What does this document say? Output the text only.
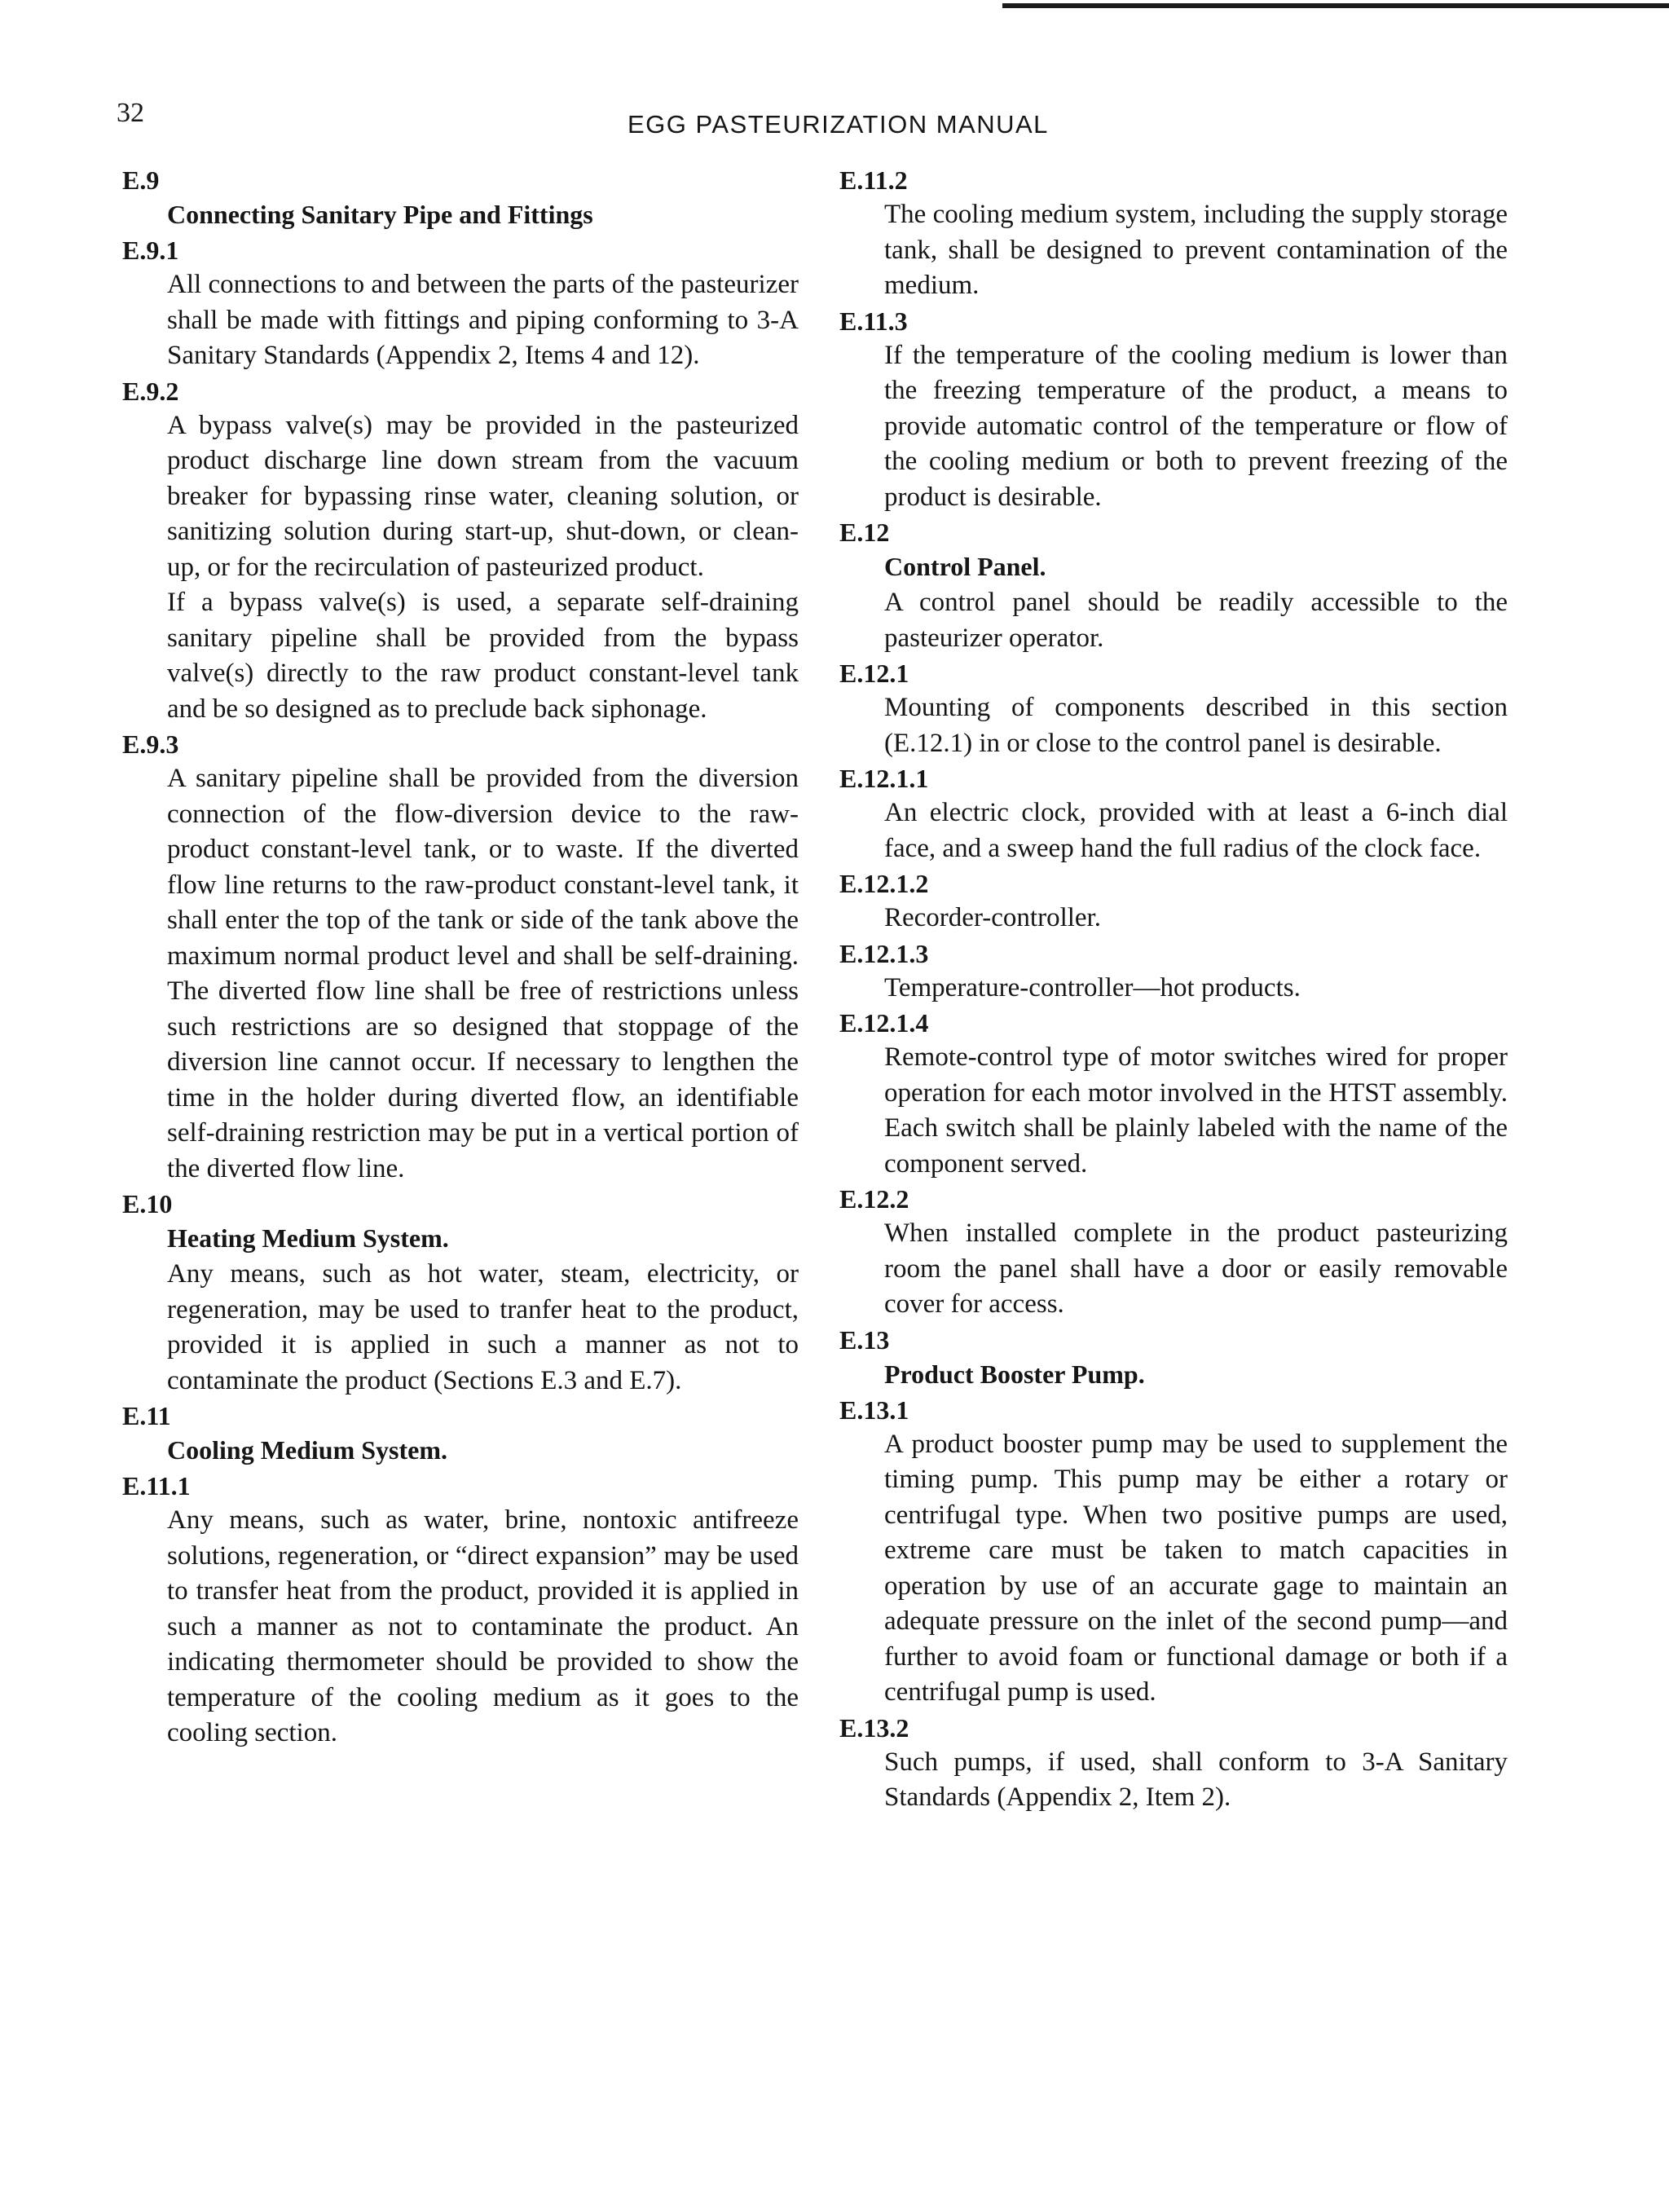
32	EGG PASTEURIZATION MANUAL
E.9
Connecting Sanitary Pipe and Fittings
E.9.1

All connections to and between the parts of the pasteurizer shall be made with fittings and piping conforming to 3-A Sanitary Standards (Appendix 2, Items 4 and 12).

E.9.2

A bypass valve(s) may be provided in the pasteurized product discharge line down stream from the vacuum breaker for bypassing rinse water, cleaning solution, or sanitizing solution during start-up, shut-down, or clean-up, or for the recirculation of pasteurized product.

If a bypass valve(s) is used, a separate self-draining sanitary pipeline shall be provided from the bypass valve(s) directly to the raw product constant-level tank and be so designed as to preclude back siphonage.

E.9.3

A sanitary pipeline shall be provided from the diversion connection of the flow-diversion device to the raw-product constant-level tank, or to waste. If the diverted flow line returns to the raw-product constant-level tank, it shall enter the top of the tank or side of the tank above the maximum normal product level and shall be self-draining. The diverted flow line shall be free of restrictions unless such restrictions are so designed that stoppage of the diversion line cannot occur. If necessary to lengthen the time in the holder during diverted flow, an identifiable self-draining restriction may be put in a vertical portion of the diverted flow line.

E.10
Heating Medium System.

Any means, such as hot water, steam, electricity, or regeneration, may be used to tranfer heat to the product, provided it is applied in such a manner as not to contaminate the product (Sections E.3 and E.7).

E.11
Cooling Medium System.
E.11.1

Any means, such as water, brine, nontoxic antifreeze solutions, regeneration, or “direct expansion” may be used to transfer heat from the product, provided it is applied in such a manner as not to contaminate the product. An indicating thermometer should be provided to show the temperature of the cooling medium as it goes to the cooling section.

E.11.2

The cooling medium system, including the supply storage tank, shall be designed to prevent contamination of the medium.

E.11.3

If the temperature of the cooling medium is lower than the freezing temperature of the product, a means to provide automatic control of the temperature or flow of the cooling medium or both to prevent freezing of the product is desirable.

E.12
Control Panel.

A control panel should be readily accessible to the pasteurizer operator.

E.12.1

Mounting of components described in this section (E.12.1) in or close to the control panel is desirable.

E.12.1.1

An electric clock, provided with at least a 6-inch dial face, and a sweep hand the full radius of the clock face.

E.12.1.2

Recorder-controller.

E.12.1.3

Temperature-controller—hot products.

E.12.1.4

Remote-control type of motor switches wired for proper operation for each motor involved in the HTST assembly. Each switch shall be plainly labeled with the name of the component served.

E.12.2

When installed complete in the product pasteurizing room the panel shall have a door or easily removable cover for access.

E.13
Product Booster Pump.
E.13.1

A product booster pump may be used to supplement the timing pump. This pump may be either a rotary or centrifugal type. When two positive pumps are used, extreme care must be taken to match capacities in operation by use of an accurate gage to maintain an adequate pressure on the inlet of the second pump—and further to avoid foam or functional damage or both if a centrifugal pump is used.

E.13.2

Such pumps, if used, shall conform to 3-A Sanitary Standards (Appendix 2, Item 2).
